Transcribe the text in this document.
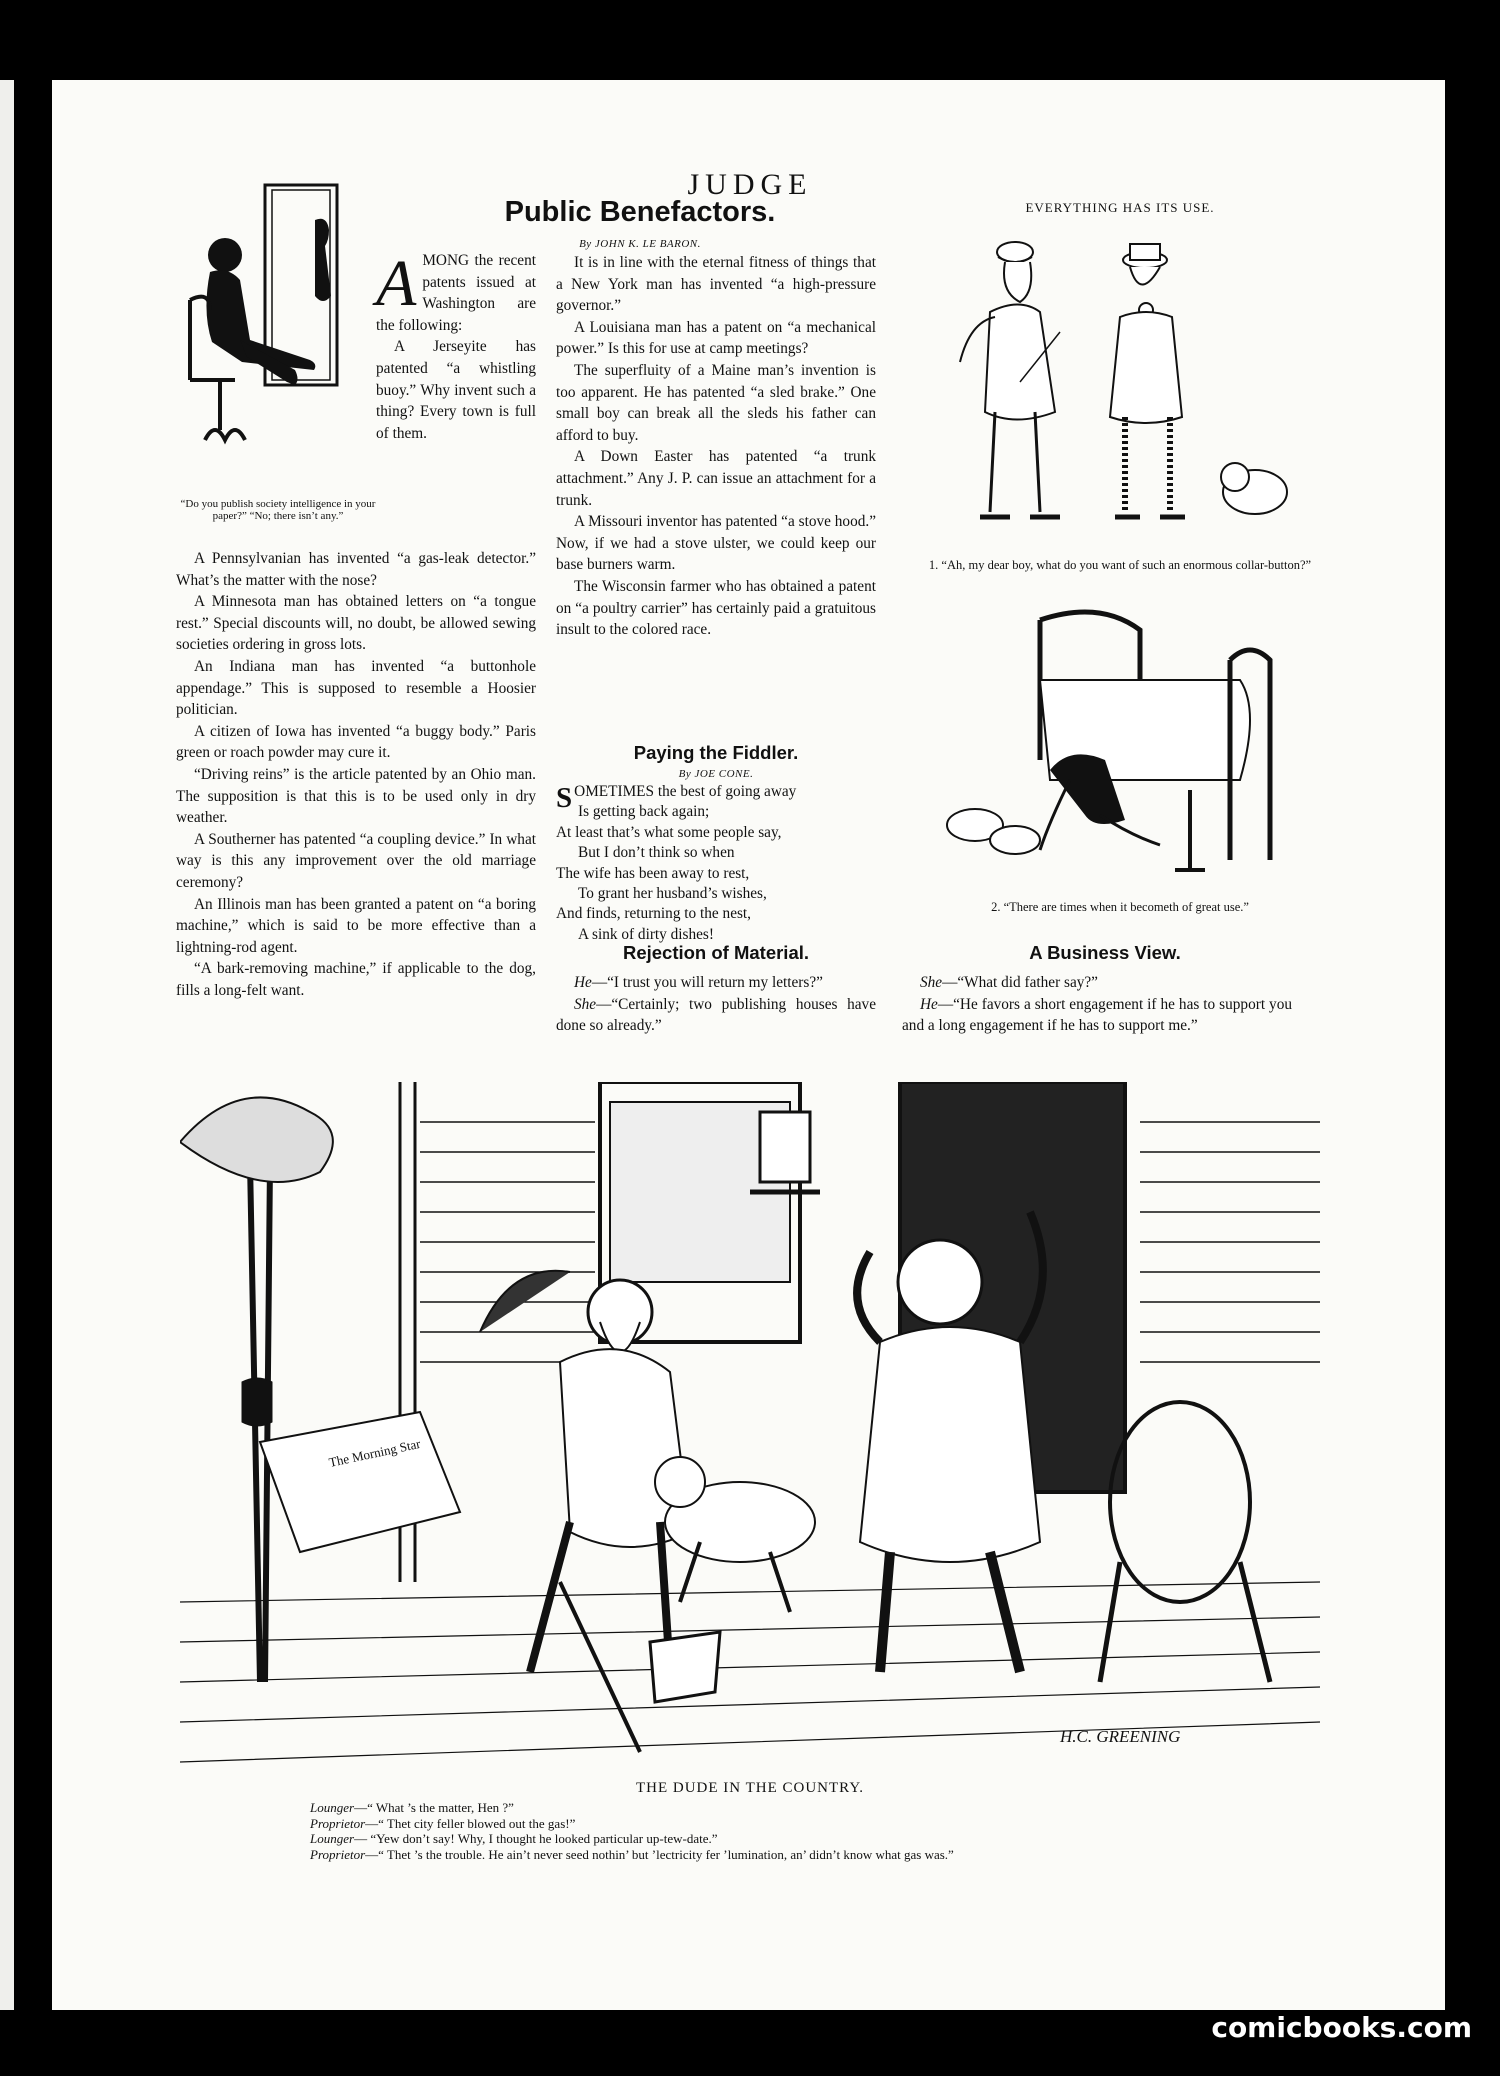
JUDGE
Public Benefactors.
By JOHN K. LE BARON.
“Do you publish society intelligence in your paper?” “No; there isn’t any.”
A MONG the recent patents issued at Washington are the following:

A Jerseyite has patented “a whistling buoy.” Why invent such a thing? Every town is full of them.

A Pennsylvanian has invented “a gas-leak detector.” What’s the matter with the nose?

A Minnesota man has obtained letters on “a tongue rest.” Special discounts will, no doubt, be allowed sewing societies ordering in gross lots.

An Indiana man has invented “a buttonhole appendage.” This is supposed to resemble a Hoosier politician.

A citizen of Iowa has invented “a buggy body.” Paris green or roach powder may cure it.

“Driving reins” is the article patented by an Ohio man. The supposition is that this is to be used only in dry weather.

A Southerner has patented “a coupling device.” In what way is this any improvement over the old marriage ceremony?

An Illinois man has been granted a patent on “a boring machine,” which is said to be more effective than a lightning-rod agent.

“A bark-removing machine,” if applicable to the dog, fills a long-felt want.

It is in line with the eternal fitness of things that a New York man has invented “a high-pressure governor.”

A Louisiana man has a patent on “a mechanical power.” Is this for use at camp meetings?

The superfluity of a Maine man’s invention is too apparent. He has patented “a sled brake.” One small boy can break all the sleds his father can afford to buy.

A Down Easter has patented “a trunk attachment.” Any J. P. can issue an attachment for a trunk.

A Missouri inventor has patented “a stove hood.” Now, if we had a stove ulster, we could keep our base burners warm.

The Wisconsin farmer who has obtained a patent on “a poultry carrier” has certainly paid a gratuitous insult to the colored race.

Paying the Fiddler.
By JOE CONE.
SOMETIMES the best of going away
Is getting back again;
At least that’s what some people say,
But I don’t think so when
The wife has been away to rest,
To grant her husband’s wishes,
And finds, returning to the nest,
A sink of dirty dishes!
Rejection of Material.

He—“I trust you will return my letters?”

She—“Certainly; two publishing houses have done so already.”

EVERYTHING HAS ITS USE.
1. “Ah, my dear boy, what do you want of such an enormous collar-button?”
2. “There are times when it becometh of great use.”
A Business View.

She—“What did father say?”

He—“He favors a short engagement if he has to support you and a long engagement if he has to support me.”

The Morning Star
H.C. GREENING
THE DUDE IN THE COUNTRY.
Lounger—“ What ’s the matter, Hen ?”
Proprietor—“ Thet city feller blowed out the gas!”
Lounger— “Yew don’t say! Why, I thought he looked particular up-tew-date.”
Proprietor—“ Thet ’s the trouble. He ain’t never seed nothin’ but ’lectricity fer ’lumination, an’ didn’t know what gas was.”
comicbooks.com
